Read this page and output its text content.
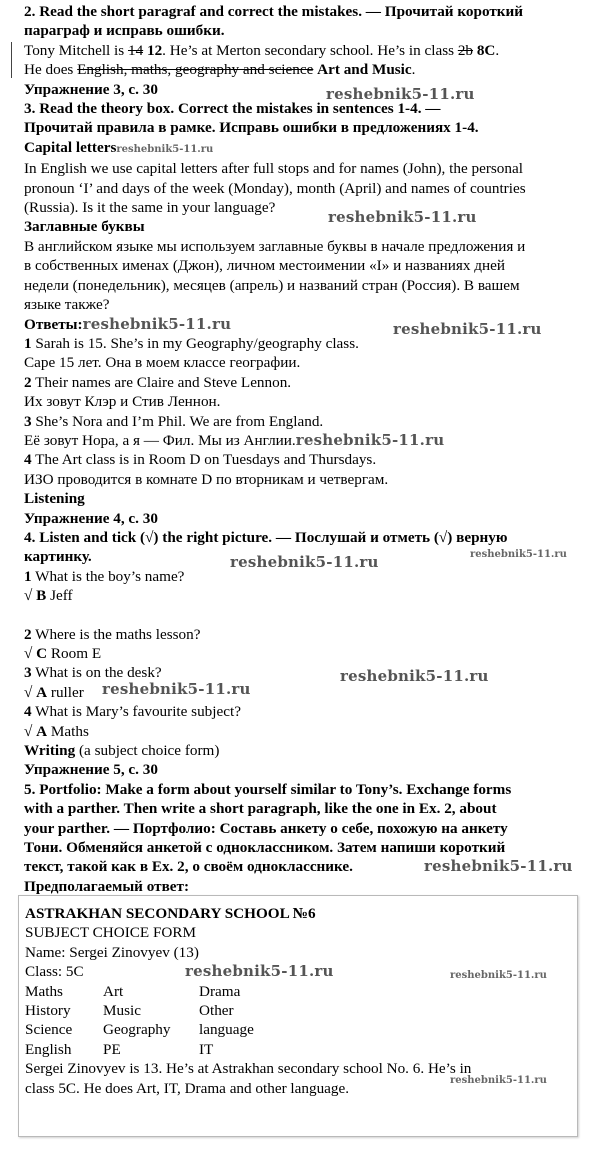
2. Read the short paragraf and correct the mistakes. — Прочитай короткий
параграф и исправь ошибки.
Tony Mitchell is 14 12. He’s at Merton secondary school. He’s in class 2b 8C.
He does English, maths, geography and science Art and Music.
Упражнение 3, с. 30
3. Read the theory box. Correct the mistakes in sentences 1-4. —
Прочитай правила в рамке. Исправь ошибки в предложениях 1-4.
Capital lettersreshebnik5-11.ru
In English we use capital letters after full stops and for names (John), the personal
pronoun ‘I’ and days of the week (Monday), month (April) and names of countries
(Russia). Is it the same in your language?
Заглавные буквы
В английском языке мы используем заглавные буквы в начале предложения и
в собственных именах (Джон), личном местоимении «I» и названиях дней
недели (понедельник), месяцев (апрель) и названий стран (Россия). В вашем
языке также?
Ответы:reshebnik5-11.ru
1 Sarah is 15. She’s in my Geography/geography class.
Саре 15 лет. Она в моем классе географии.
2 Their names are Claire and Steve Lennon.
Их зовут Клэр и Стив Леннон.
3 She’s Nora and I’m Phil. We are from England.
Её зовут Нора, а я — Фил. Мы из Англии.reshebnik5-11.ru
4 The Art class is in Room D on Tuesdays and Thursdays.
ИЗО проводится в комнате D по вторникам и четвергам.
Listening
Упражнение 4, с. 30
4. Listen and tick (√) the right picture. — Послушай и отметь (√) верную
картинку.
1 What is the boy’s name?
√ B Jeff
2 Where is the maths lesson?
√ C Room E
3 What is on the desk?
√ A ruller
4 What is Mary’s favourite subject?
√ A Maths
Writing (a subject choice form)
Упражнение 5, с. 30
5. Portfolio: Make a form about yourself similar to Tony’s. Exchange forms
with a parther. Then write a short paragraph, like the one in Ex. 2, about
your parther. — Портфолио: Составь анкету о себе, похожую на анкету
Тони. Обменяйся анкетой с одноклассником. Затем напиши короткий
текст, такой как в Ex. 2, о своём однокласснике.
Предполагаемый ответ:
ASTRAKHAN SECONDARY SCHOOL №6
SUBJECT CHOICE FORM
Name: Sergei Zinovyev (13)
Class: 5C
Maths	Art	Drama
History	Music	Other
Science	Geography	language
English	PE	IT
Sergei Zinovyev is 13. He’s at Astrakhan secondary school No. 6. He’s in
class 5C. He does Art, IT, Drama and other language.
reshebnik5-11.ru
reshebnik5-11.ru
reshebnik5-11.ru
reshebnik5-11.ru	reshebnik5-11.ru
reshebnik5-11.ru
reshebnik5-11.ru
reshebnik5-11.ru
reshebnik5-11.ru	reshebnik5-11.ru
reshebnik5-11.ru
